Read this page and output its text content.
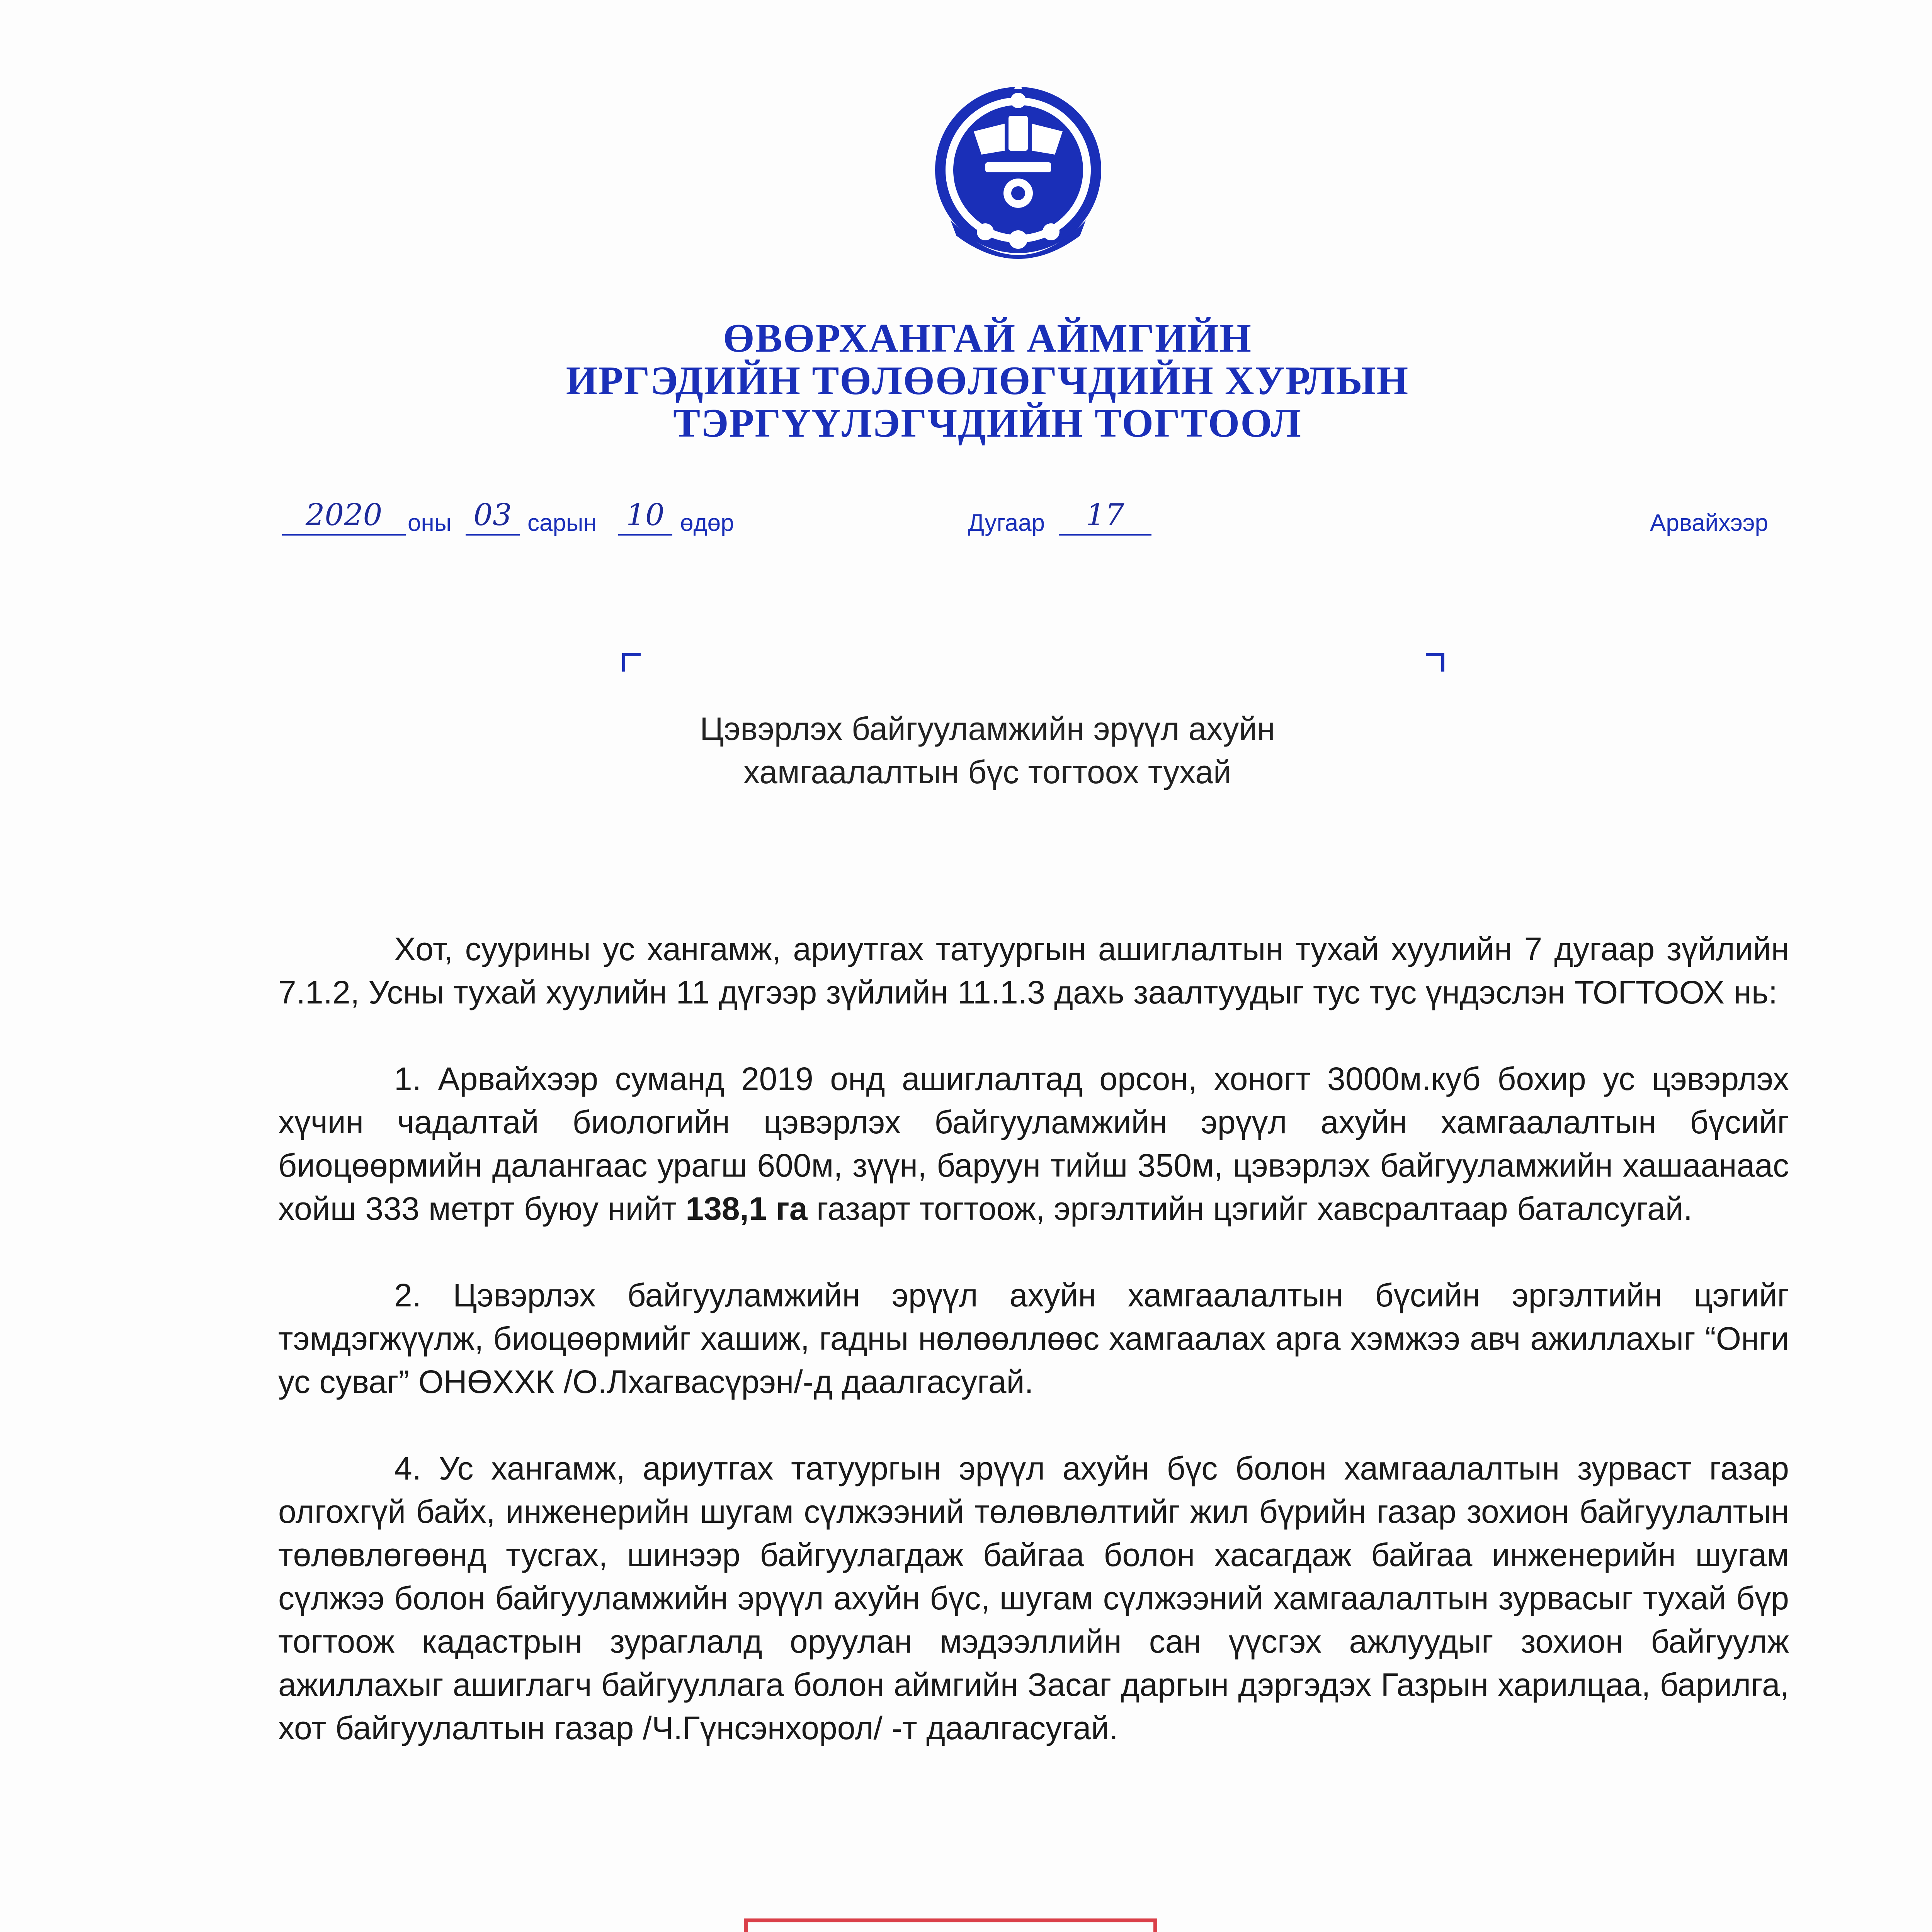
ӨВӨРХАНГАЙ АЙМГИЙН
ИРГЭДИЙН ТӨЛӨӨЛӨГЧДИЙН ХУРЛЫН
ТЭРГҮҮЛЭГЧДИЙН ТОГТООЛ
2020	оны 03 сарын 10 өдөр	Дугаар	17	Арвайхээр
Цэвэрлэх байгууламжийн эрүүл ахуйн
хамгаалалтын бүс тогтоох тухай

Хот, суурины ус хангамж, ариутгах татуургын ашиглалтын тухай хуулийн 7 дугаар зүйлийн 7.1.2, Усны тухай хуулийн 11 дүгээр зүйлийн 11.1.3 дахь заалтуудыг тус тус үндэслэн ТОГТООХ нь:

1. Арвайхээр суманд 2019 онд ашиглалтад орсон, хоногт 3000м.куб бохир ус цэвэрлэх хүчин чадалтай биологийн цэвэрлэх байгууламжийн эрүүл ахуйн хамгаалалтын бүсийг биоцөөрмийн далангаас урагш 600м, зүүн, баруун тийш 350м, цэвэрлэх байгууламжийн хашаанаас хойш 333 метрт буюу нийт 138,1 га газарт тогтоож, эргэлтийн цэгийг хавсралтаар баталсугай.

2. Цэвэрлэх байгууламжийн эрүүл ахуйн хамгаалалтын бүсийн эргэлтийн цэгийг тэмдэгжүүлж, биоцөөрмийг хашиж, гадны нөлөөллөөс хамгаалах арга хэмжээ авч ажиллахыг “Онги ус суваг” ОНӨХХК /О.Лхагвасүрэн/-д даалгасугай.

4. Ус хангамж, ариутгах татуургын эрүүл ахуйн бүс болон хамгаалалтын зурваст газар олгохгүй байх, инженерийн шугам сүлжээний төлөвлөлтийг жил бүрийн газар зохион байгуулалтын төлөвлөгөөнд тусгах, шинээр байгуулагдаж байгаа болон хасагдаж байгаа инженерийн шугам сүлжээ болон байгууламжийн эрүүл ахуйн бүс, шугам сүлжээний хамгаалалтын зурвасыг тухай бүр тогтоож кадастрын зураглалд оруулан мэдээллийн сан үүсгэх ажлуудыг зохион байгуулж ажиллахыг ашиглагч байгууллага болон аймгийн Засаг даргын дэргэдэх Газрын харилцаа, барилга, хот байгуулалтын газар /Ч.Гүнсэнхорол/ -т даалгасугай.
